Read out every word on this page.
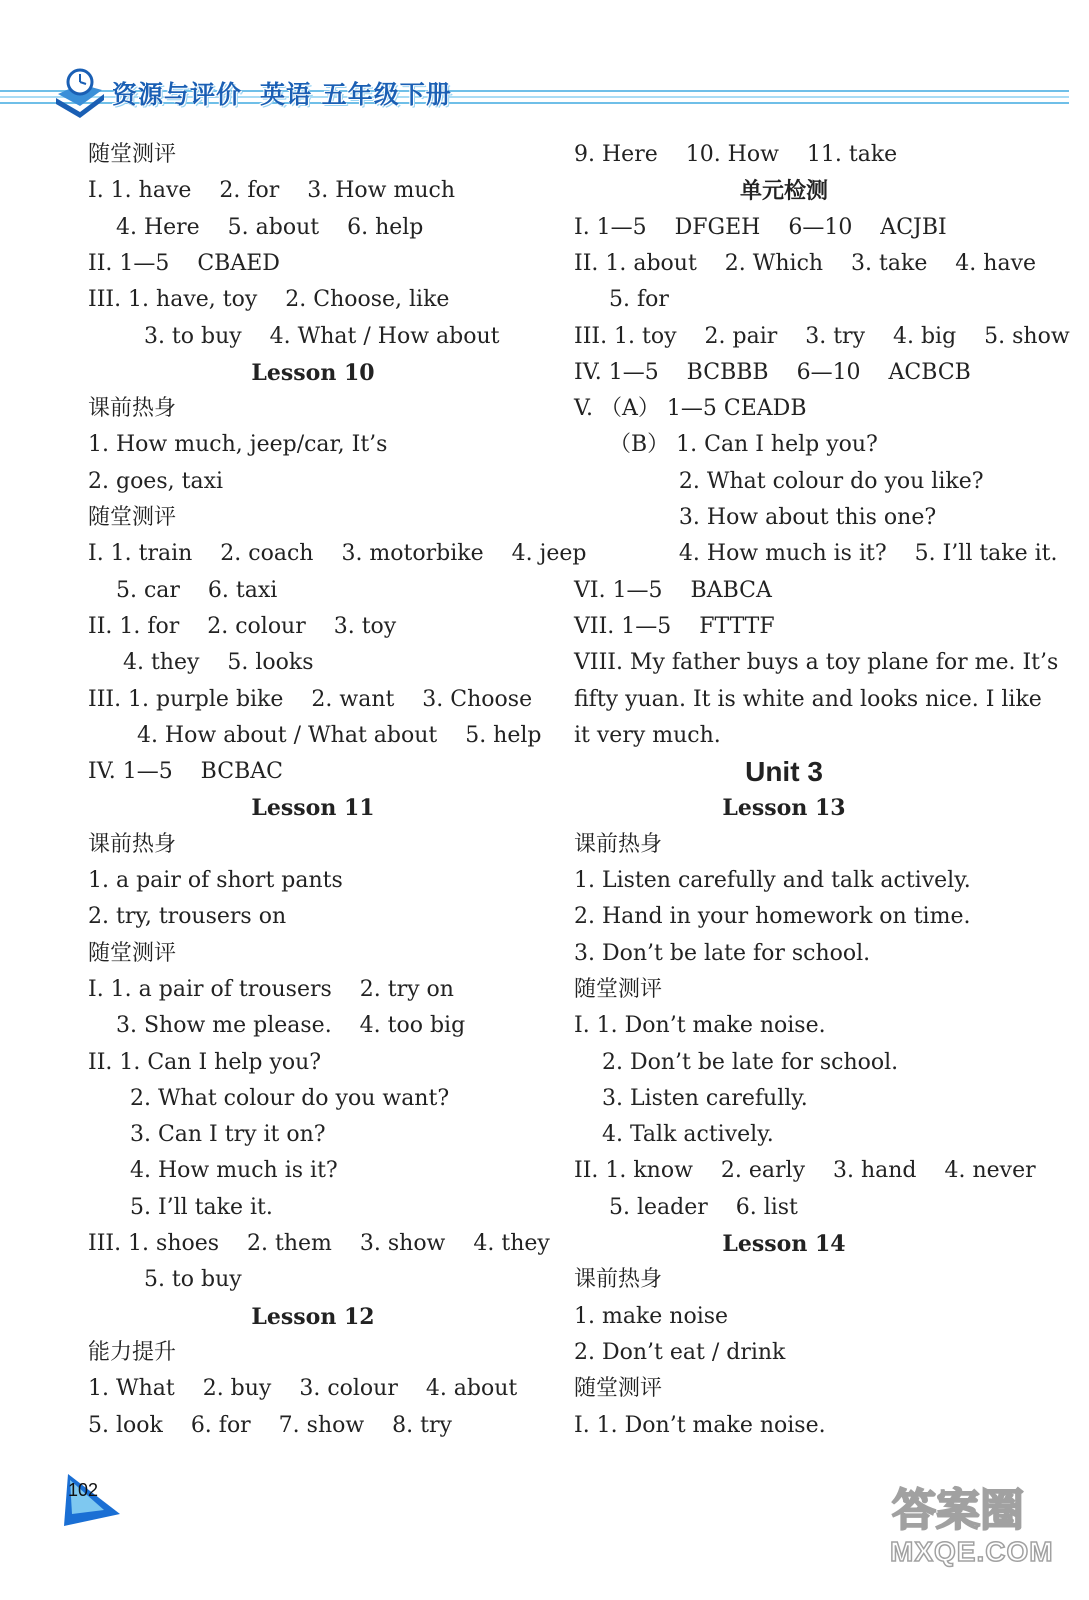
资源与评价 英语 五年级下册
随堂测评
I. 1. have    2. for    3. How much
4. Here    5. about    6. help
II. 1—5    CBAED
III. 1. have, toy    2. Choose, like
3. to buy    4. What / How about
Lesson 10
课前热身
1. How much, jeep/car, It’s
2. goes, taxi
随堂测评
I. 1. train    2. coach    3. motorbike    4. jeep
5. car    6. taxi
II. 1. for    2. colour    3. toy
4. they    5. looks
III. 1. purple bike    2. want    3. Choose
4. How about / What about    5. help
IV. 1—5    BCBAC
Lesson 11
课前热身
1. a pair of short pants
2. try, trousers on
随堂测评
I. 1. a pair of trousers    2. try on
3. Show me please.    4. too big
II. 1. Can I help you?
2. What colour do you want?
3. Can I try it on?
4. How much is it?
5. I’ll take it.
III. 1. shoes    2. them    3. show    4. they
5. to buy
Lesson 12
能力提升
1. What    2. buy    3. colour    4. about
5. look    6. for    7. show    8. try
9. Here    10. How    11. take
单元检测
I. 1—5    DFGEH    6—10    ACJBI
II. 1. about    2. Which    3. take    4. have
5. for
III. 1. toy    2. pair    3. try    4. big    5. show
IV. 1—5    BCBBB    6—10    ACBCB
V. （A） 1—5 CEADB
（B） 1. Can I help you?
2. What colour do you like?
3. How about this one?
4. How much is it?    5. I’ll take it.
VI. 1—5    BABCA
VII. 1—5    FTTTF
VIII. My father buys a toy plane for me. It’s
fifty yuan. It is white and looks nice. I like
it very much.
Unit 3
Lesson 13
课前热身
1. Listen carefully and talk actively.
2. Hand in your homework on time.
3. Don’t be late for school.
随堂测评
I. 1. Don’t make noise.
2. Don’t be late for school.
3. Listen carefully.
4. Talk actively.
II. 1. know    2. early    3. hand    4. never
5. leader    6. list
Lesson 14
课前热身
1. make noise
2. Don’t eat / drink
随堂测评
I. 1. Don’t make noise.
102	答案圈
MXQE.COM
